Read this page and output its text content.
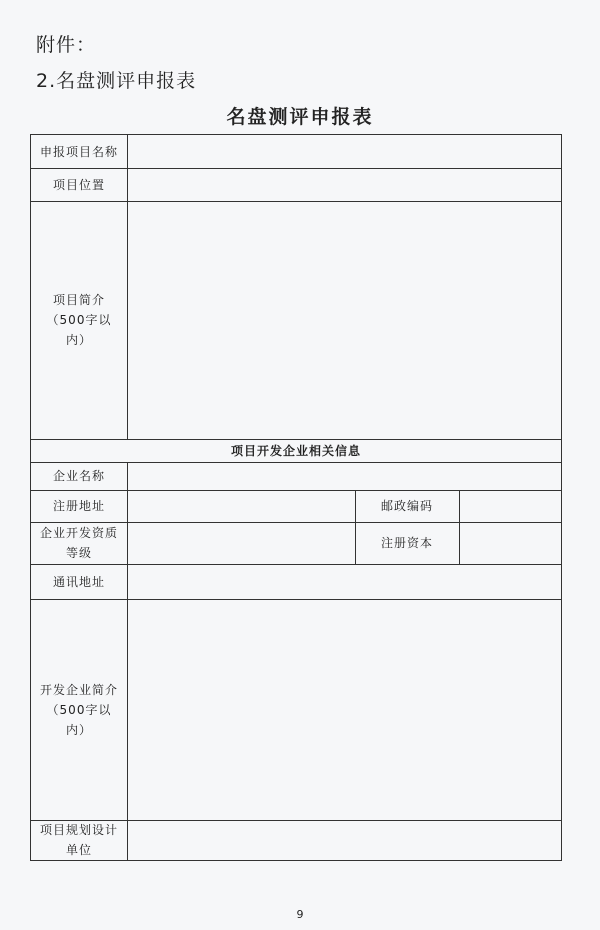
附件：
2.名盘测评申报表
名盘测评申报表
申报项目名称
项目位置
项目简介（500字以内）
项目开发企业相关信息
企业名称
注册地址	邮政编码
企业开发资质等级
注册资本
通讯地址
开发企业简介（500字以内）
项目规划设计单位
9
